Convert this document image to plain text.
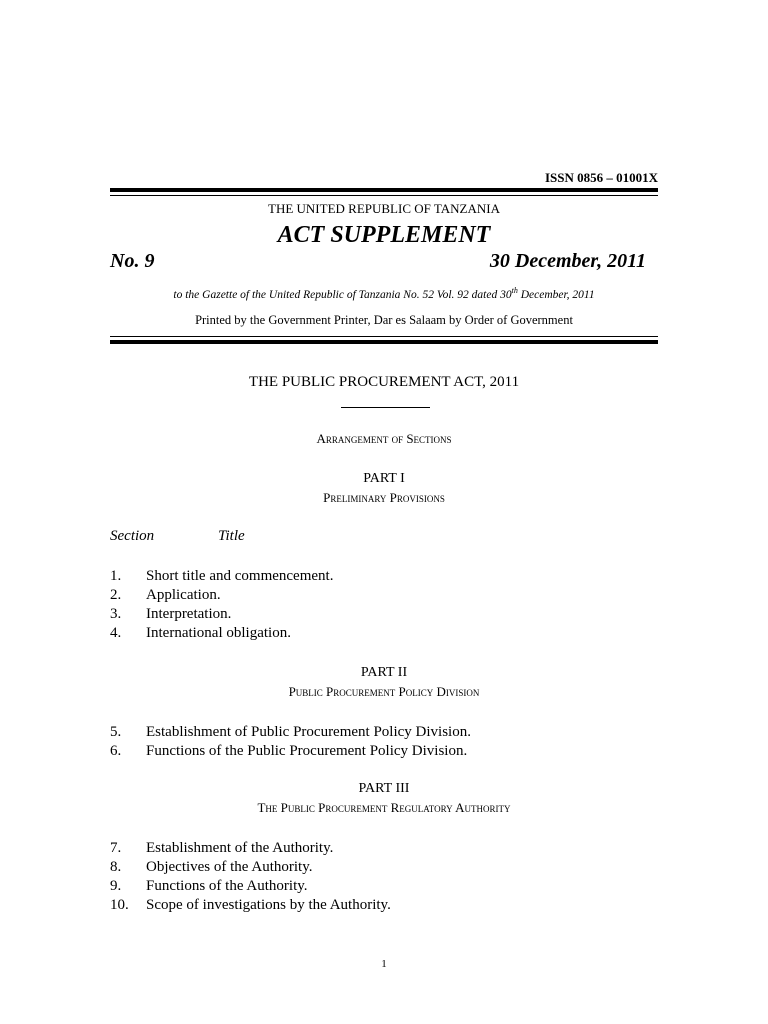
ISSN 0856 – 01001X
THE UNITED REPUBLIC OF TANZANIA
ACT SUPPLEMENT
No. 9	30 December, 2011
to the Gazette of the United Republic of Tanzania No. 52 Vol. 92 dated 30th December, 2011
Printed by the Government Printer, Dar es Salaam by Order of Government
THE PUBLIC PROCUREMENT ACT, 2011
Arrangement of Sections
PART I
Preliminary Provisions
Section	Title
1.	Short title and commencement.
2.	Application.
3.	Interpretation.
4.	International obligation.
PART II
Public Procurement Policy Division
5.	Establishment of Public Procurement Policy Division.
6.	Functions of the Public Procurement Policy Division.
PART III
The Public Procurement Regulatory Authority
7.	Establishment of the Authority.
8.	Objectives of the Authority.
9.	Functions of the Authority.
10.	Scope of investigations by the Authority.
1
